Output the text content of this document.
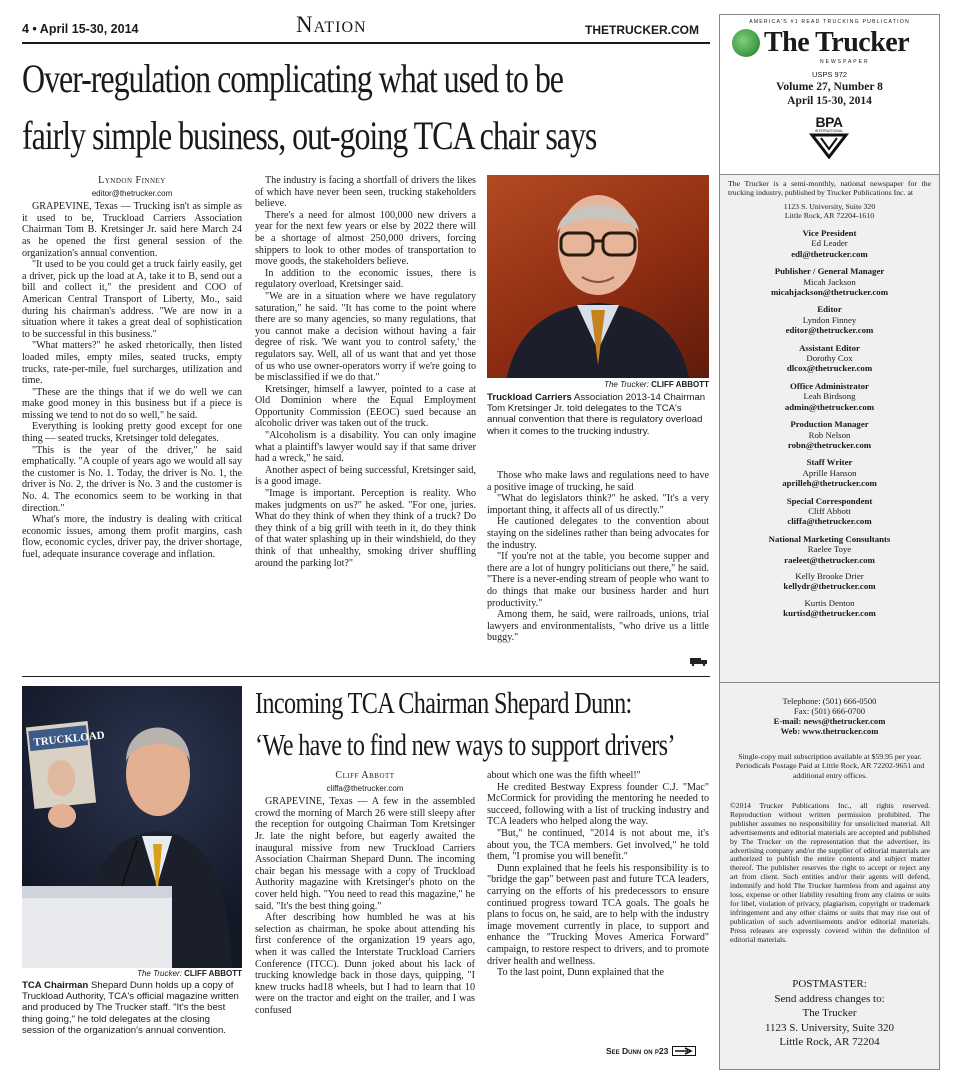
4 • April 15-30, 2014	Nation	THETRUCKER.COM
Over-regulation complicating what used to be
fairly simple business, out-going TCA chair says
Lyndon Finney
editor@thetrucker.com

GRAPEVINE, Texas — Trucking isn't as simple as it used to be, Truckload Carriers Association Chairman Tom B. Kretsinger Jr. said here March 24 as he opened the first general session of the organization's annual convention.

"It used to be you could get a truck fairly easily, get a driver, pick up the load at A, take it to B, send out a bill and collect it," the president and COO of American Central Transport of Liberty, Mo., said during his chairman's address. "We are now in a situation where it takes a great deal of sophistication to be successful in this business."

"What matters?" he asked rhetorically, then listed loaded miles, empty miles, seated trucks, empty trucks, rate-per-mile, fuel surcharges, utilization and time.

"These are the things that if we do well we can make good money in this business but if a piece is missing we tend to not do so well," he said.

Everything is looking pretty good except for one thing — seated trucks, Kretsinger told delegates.

"This is the year of the driver," he said emphatically. "A couple of years ago we would all say the customer is No. 1. Today, the driver is No. 1, the driver is No. 2, the driver is No. 3 and the customer is No. 4. The economics seem to be working in that direction."

What's more, the industry is dealing with critical economic issues, among them profit margins, cash flow, economic cycles, driver pay, the driver shortage, fuel, adequate insurance coverage and inflation.

The industry is facing a shortfall of drivers the likes of which have never been seen, trucking stakeholders believe.

There's a need for almost 100,000 new drivers a year for the next few years or else by 2022 there will be a shortage of almost 250,000 drivers, forcing shippers to look to other modes of transportation to move goods, the stakeholders believe.

In addition to the economic issues, there is regulatory overload, Kretsinger said.

"We are in a situation where we have regulatory saturation," he said. "It has come to the point where there are so many agencies, so many regulations, that you cannot make a decision without having a fair degree of risk. 'We want you to control safety,' the regulators say. Well, all of us want that and yet those of us who use owner-operators worry if we're going to be misclassified if we do that."

Kretsinger, himself a lawyer, pointed to a case at Old Dominion where the Equal Employment Opportunity Commission (EEOC) sued because an alcoholic driver was taken out of the truck.

"Alcoholism is a disability. You can only imagine what a plaintiff's lawyer would say if that same driver had a wreck," he said.

Another aspect of being successful, Kretsinger said, is a good image.

"Image is important. Perception is reality. Who makes judgments on us?" he asked. "For one, juries. What do they think of when they think of a truck? Do they think of a big grill with teeth in it, do they think of that water splashing up in their windshield, do they think of that unhealthy, smoking driver shuffling around the parking lot?"

The Trucker: CLIFF ABBOTT
Truckload Carriers Association 2013-14 Chairman Tom Kretsinger Jr. told delegates to the TCA's annual convention that there is regulatory overload when it comes to the trucking industry.

Those who make laws and regulations need to have a positive image of trucking, he said

"What do legislators think?" he asked. "It's a very important thing, it affects all of us directly."

He cautioned delegates to the convention about staying on the sidelines rather than being advocates for the industry.

"If you're not at the table, you become supper and there are a lot of hungry politicians out there," he said. "There is a never-ending stream of people who want to do things that make our business harder and hurt productivity."

Among them, he said, were railroads, unions, trial lawyers and environmentalists, "who drive us a little buggy."

TRUCKLOAD
The Trucker: CLIFF ABBOTT
TCA Chairman Shepard Dunn holds up a copy of Truckload Authority, TCA's official magazine written and produced by The Trucker staff. "It's the best thing going," he told delegates at the closing session of the organization's annual convention.
Incoming TCA Chairman Shepard Dunn:
‘We have to find new ways to support drivers’
Cliff Abbott
cliffa@thetrucker.com

GRAPEVINE, Texas — A few in the assembled crowd the morning of March 26 were still sleepy after the reception for outgoing Chairman Tom Kretsinger Jr. late the night before, but eagerly awaited the inaugural missive from new Truckload Carriers Association Chairman Shepard Dunn. The incoming chair began his message with a copy of Truckload Authority magazine with Kretsinger's photo on the cover held high. "You need to read this magazine," he said. "It's the best thing going."

After describing how humbled he was at his selection as chairman, he spoke about attending his first conference of the organization 19 years ago, when it was called the Interstate Truckload Carriers Conference (ITCC). Dunn joked about his lack of trucking knowledge back in those days, quipping, "I knew trucks had18 wheels, but I had to learn that 10 were on the tractor and eight on the trailer, and I was confused

about which one was the fifth wheel!"

He credited Bestway Express founder C.J. "Mac" McCormick for providing the mentoring he needed to succeed, following with a list of trucking industry and TCA leaders who helped along the way.

"But," he continued, "2014 is not about me, it's about you, the TCA members. Get involved," he told them, "I promise you will benefit."

Dunn explained that he feels his responsibility is to "bridge the gap" between past and future TCA leaders, carrying on the efforts of his predecessors to ensure continued progress toward TCA goals. The goals he plans to focus on, he said, are to help with the industry image movement currently in place, to support and enhance the "Trucking Moves America Forward" campaign, to restore respect to drivers, and to promote driver health and wellness.

To the last point, Dunn explained that the

See Dunn on p23
AMERICA'S #1 READ TRUCKING PUBLICATION
The Trucker
NEWSPAPER
USPS 972
Volume 27, Number 8
April 15-30, 2014
BPA
INTERNATIONAL
The Trucker is a semi-monthly, national newspaper for the trucking industry, published by Trucker Publications Inc. at
1123 S. University, Suite 320
Little Rock, AR 72204-1610
Vice President
Ed Leader
edl@thetrucker.com
Publisher / General Manager
Micah Jackson
micahjackson@thetrucker.com
Editor
Lyndon Finney
editor@thetrucker.com
Assistant Editor
Dorothy Cox
dlcox@thetrucker.com
Office Administrator
Leah Birdsong
admin@thetrucker.com
Production Manager
Rob Nelson
robn@thetrucker.com
Staff Writer
Aprille Hanson
aprilleh@thetrucker.com
Special Correspondent
Cliff Abbott
cliffa@thetrucker.com
National Marketing Consultants
Raelee Toye
raeleet@thetrucker.com
Kelly Brooke Drier
kellydr@thetrucker.com
Kurtis Denton
kurtisd@thetrucker.com
Telephone: (501) 666-0500
Fax: (501) 666-0700
E-mail: news@thetrucker.com
Web: www.thetrucker.com
Single-copy mail subscription available at $59.95 per year. Periodicals Postage Paid at Little Rock, AR 72202-9651 and additional entry offices.
©2014 Trucker Publications Inc., all rights reserved. Reproduction without written permission prohibited. The publisher assumes no responsibility for unsolicited material. All advertisements and editorial materials are accepted and published by The Trucker on the representation that the advertiser, its advertising company and/or the supplier of editorial materials are authorized to publish the entire contents and subject matter thereof. The publisher reserves the right to accept or reject any art from client. Such entities and/or their agents will defend, indemnify and hold The Trucker harmless from and against any loss, expense or other liability resulting from any claims or suits for libel, violation of privacy, plagiarism, copyright or trademark infringement and any other claims or suits that may rise out of publication of such advertisements and/or editorial materials. Press releases are expressly covered within the definition of editorial materials.
POSTMASTER:
Send address changes to:
The Trucker
1123 S. University, Suite 320
Little Rock, AR 72204
